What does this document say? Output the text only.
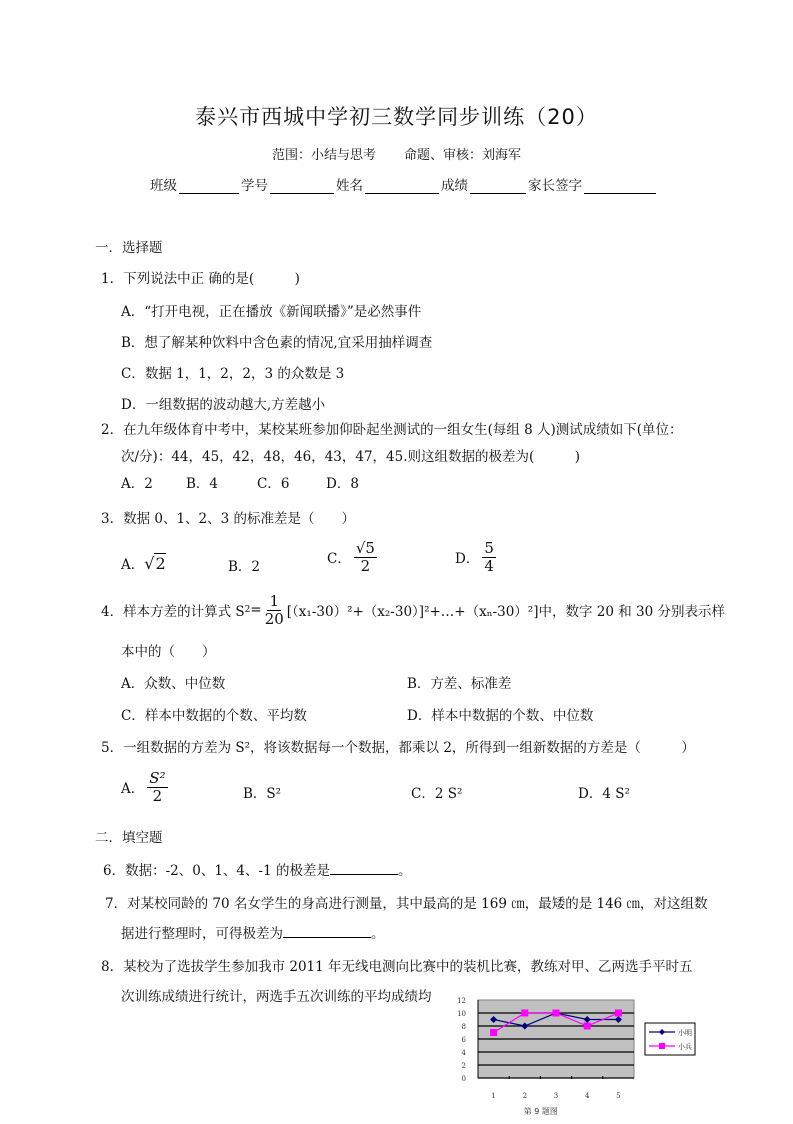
泰兴市西城中学初三数学同步训练（20）
范围：小结与思考 命题、审核：刘海军
班级	学号	姓名	成绩	家长签字
一．选择题
1．下列说法中正 确的是(　　　)
A．“打开电视，正在播放《新闻联播》”是必然事件
B．想了解某种饮料中含色素的情况,宜采用抽样调查
C．数据 1，1，2，2，3 的众数是 3
D．一组数据的波动越大,方差越小
2．在九年级体育中考中，某校某班参加仰卧起坐测试的一组女生(每组 8 人)测试成绩如下(单位：
次/分)：44，45，42，48，46，43，47，45.则这组数据的极差为(　　　)
A．2 B．4	C．6	D．8
3．数据 0、1、2、3 的标准差是（　　）
A．√2	B．2	C． $\frac{√5}{2}$	D． $\frac{5}{4}$
4．样本方差的计算式 S $2 = \frac{1}{20}$ [（x₁-30）²+（x₂-30）]²+…+（xₙ-30）²]中，数字 20 和 30 分别表示样
本中的（　　）
A．众数、中位数	B．方差、标准差
C．样本中数据的个数、平均数	D．样本中数据的个数、中位数
5．一组数据的方差为 S²，将该数据每一个数据，都乘以 2，所得到一组新数据的方差是（　　　）
A． $\frac{\text{S²}}{2}$	B．S²	C．2 S²	D．4 S²
二．填空题
6．数据：-2、0、1、4、-1 的极差是	。
7．对某校同龄的 70 名女学生的身高进行测量，其中最高的是 169 ㎝，最矮的是 146 ㎝，对这组数
据进行整理时，可得极差为	。
8．某校为了选拔学生参加我市 2011 年无线电测向比赛中的装机比赛，教练对甲、乙两选手平时五
次训练成绩进行统计，两选手五次训练的平均成绩均
0
2
4
6
8
10
12
1	2	3	4	5
小明
小兵
第 9 题图
